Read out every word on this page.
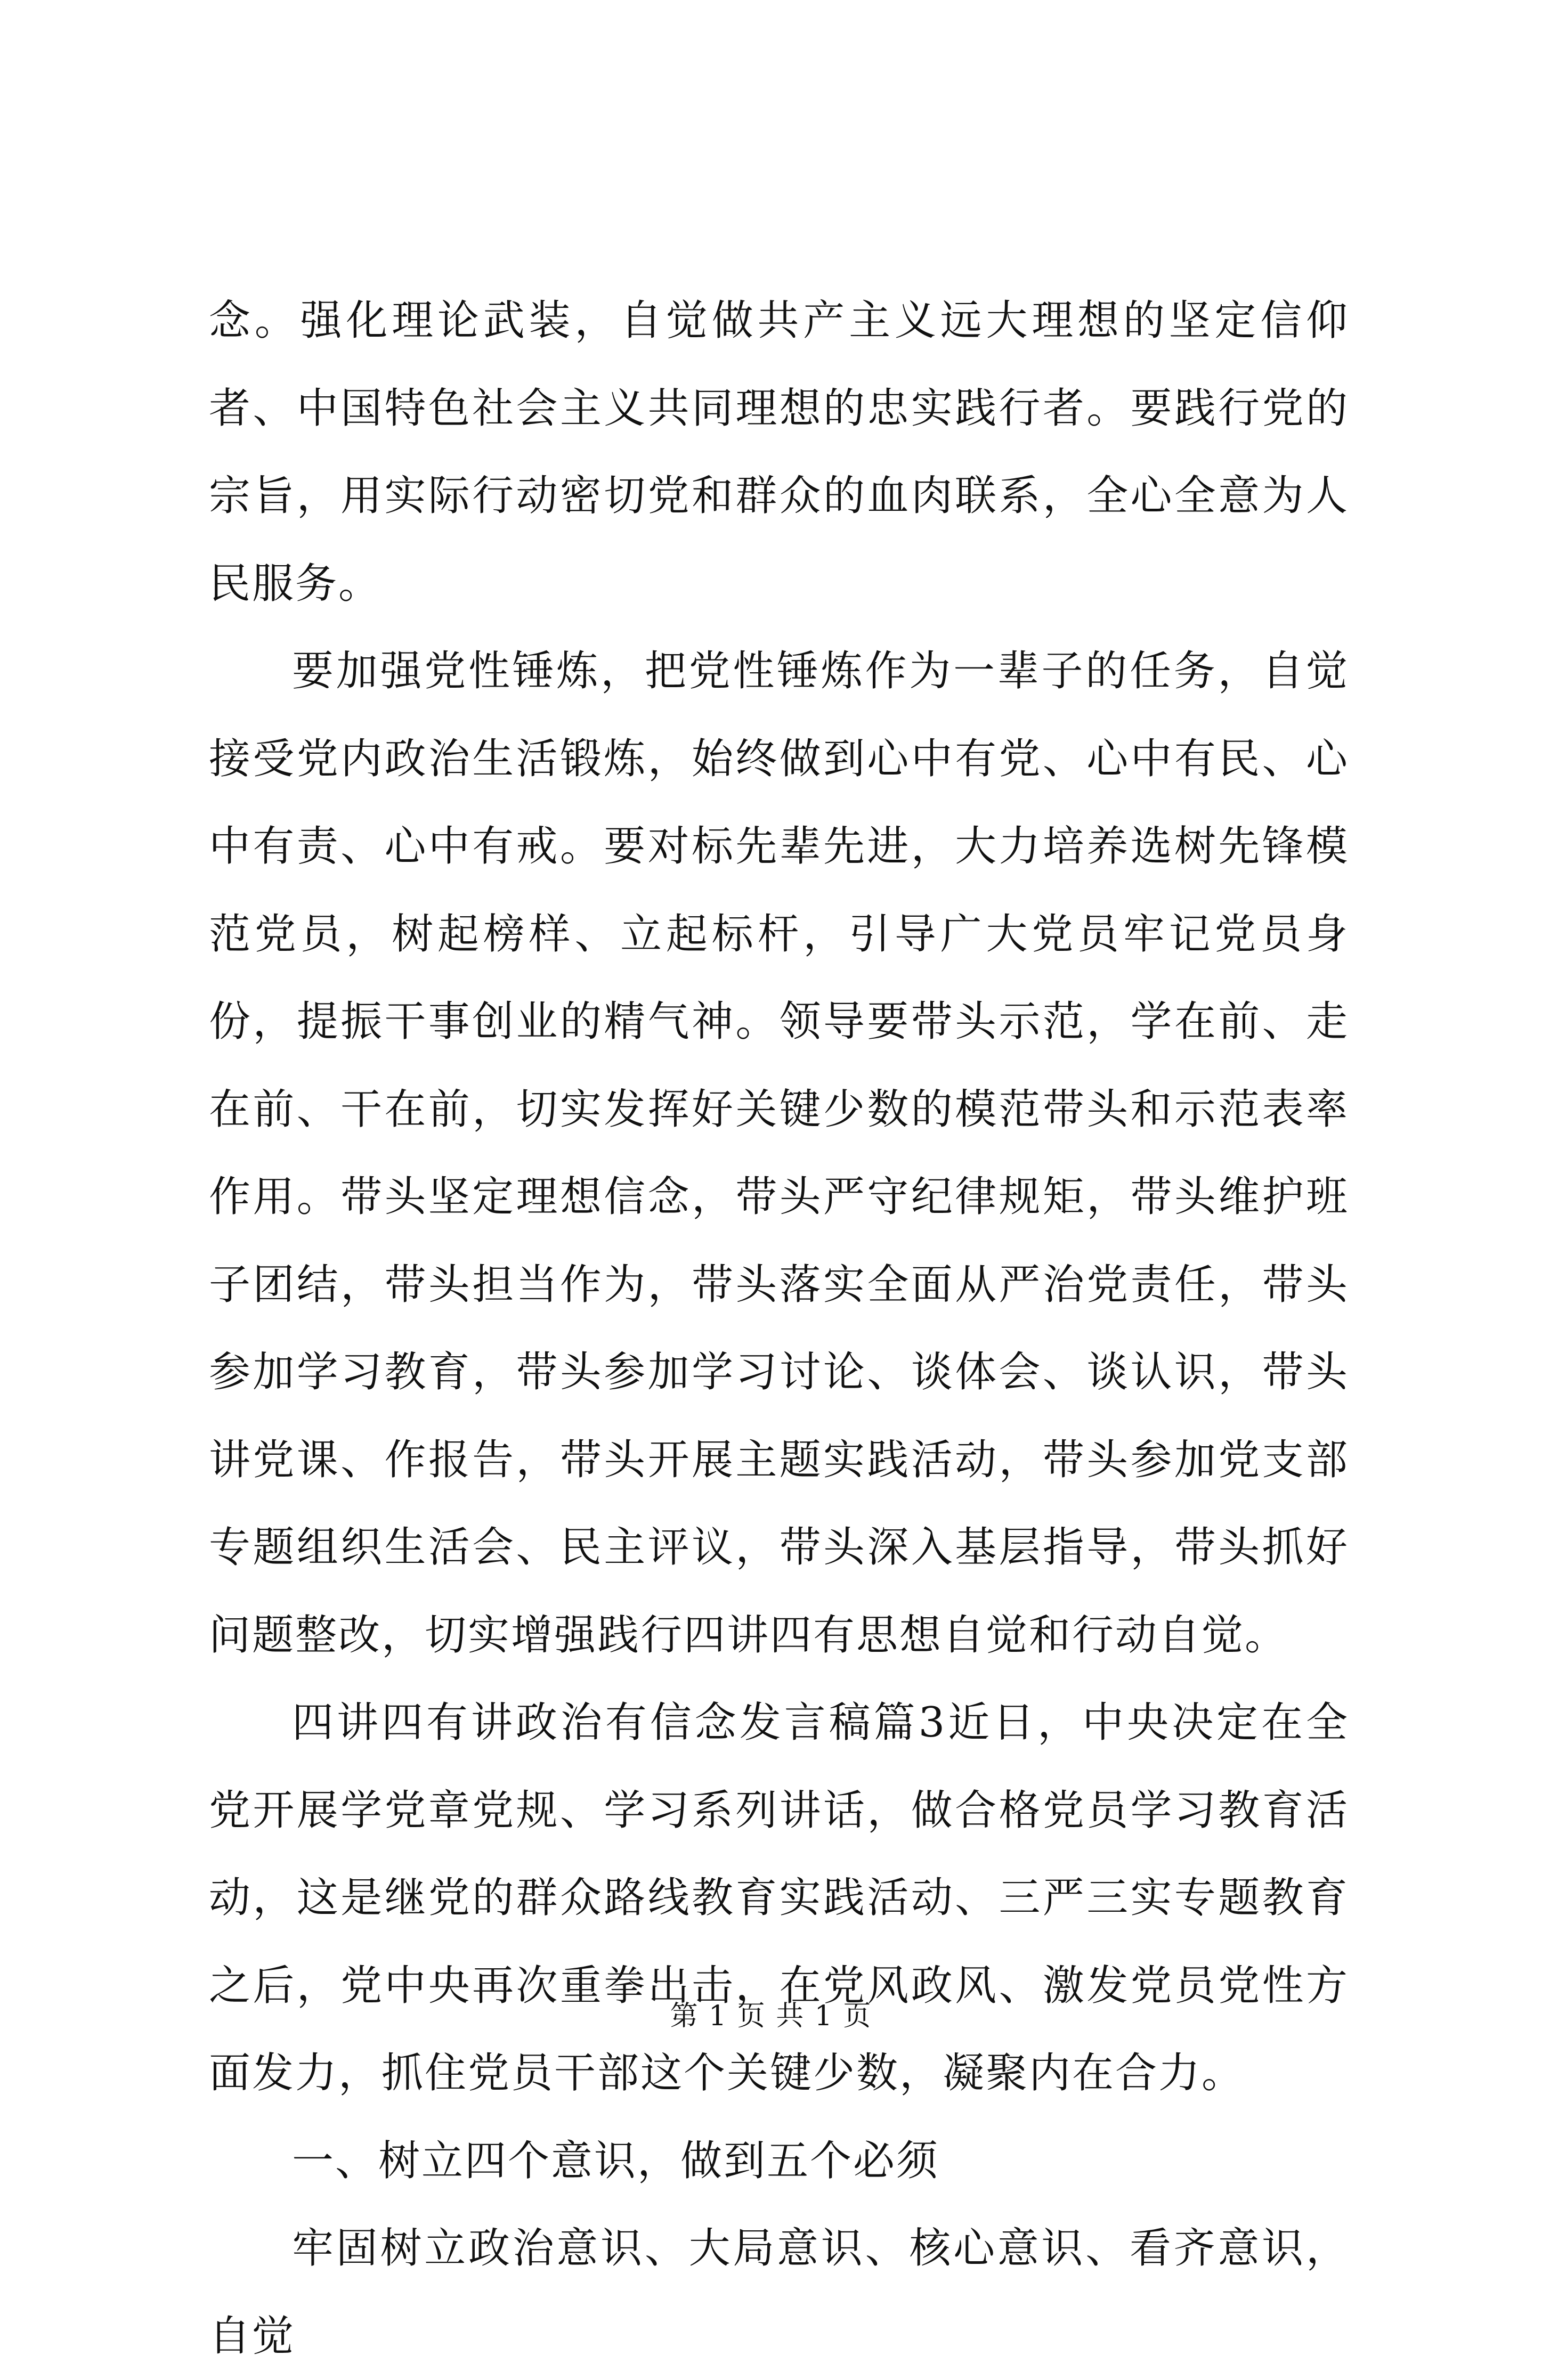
念。强化理论武装，自觉做共产主义远大理想的坚定信仰者、中国特色社会主义共同理想的忠实践行者。要践行党的宗旨，用实际行动密切党和群众的血肉联系，全心全意为人民服务。

要加强党性锤炼，把党性锤炼作为一辈子的任务，自觉接受党内政治生活锻炼，始终做到心中有党、心中有民、心中有责、心中有戒。要对标先辈先进，大力培养选树先锋模范党员，树起榜样、立起标杆，引导广大党员牢记党员身份，提振干事创业的精气神。领导要带头示范，学在前、走在前、干在前，切实发挥好关键少数的模范带头和示范表率作用。带头坚定理想信念，带头严守纪律规矩，带头维护班子团结，带头担当作为，带头落实全面从严治党责任，带头参加学习教育，带头参加学习讨论、谈体会、谈认识，带头讲党课、作报告，带头开展主题实践活动，带头参加党支部专题组织生活会、民主评议，带头深入基层指导，带头抓好问题整改，切实增强践行四讲四有思想自觉和行动自觉。

四讲四有讲政治有信念发言稿篇3近日，中央决定在全党开展学党章党规、学习系列讲话，做合格党员学习教育活动，这是继党的群众路线教育实践活动、三严三实专题教育之后，党中央再次重拳出击，在党风政风、激发党员党性方面发力，抓住党员干部这个关键少数，凝聚内在合力。

一、树立四个意识，做到五个必须

牢固树立政治意识、大局意识、核心意识、看齐意识，自觉

第 1 页 共 1 页
